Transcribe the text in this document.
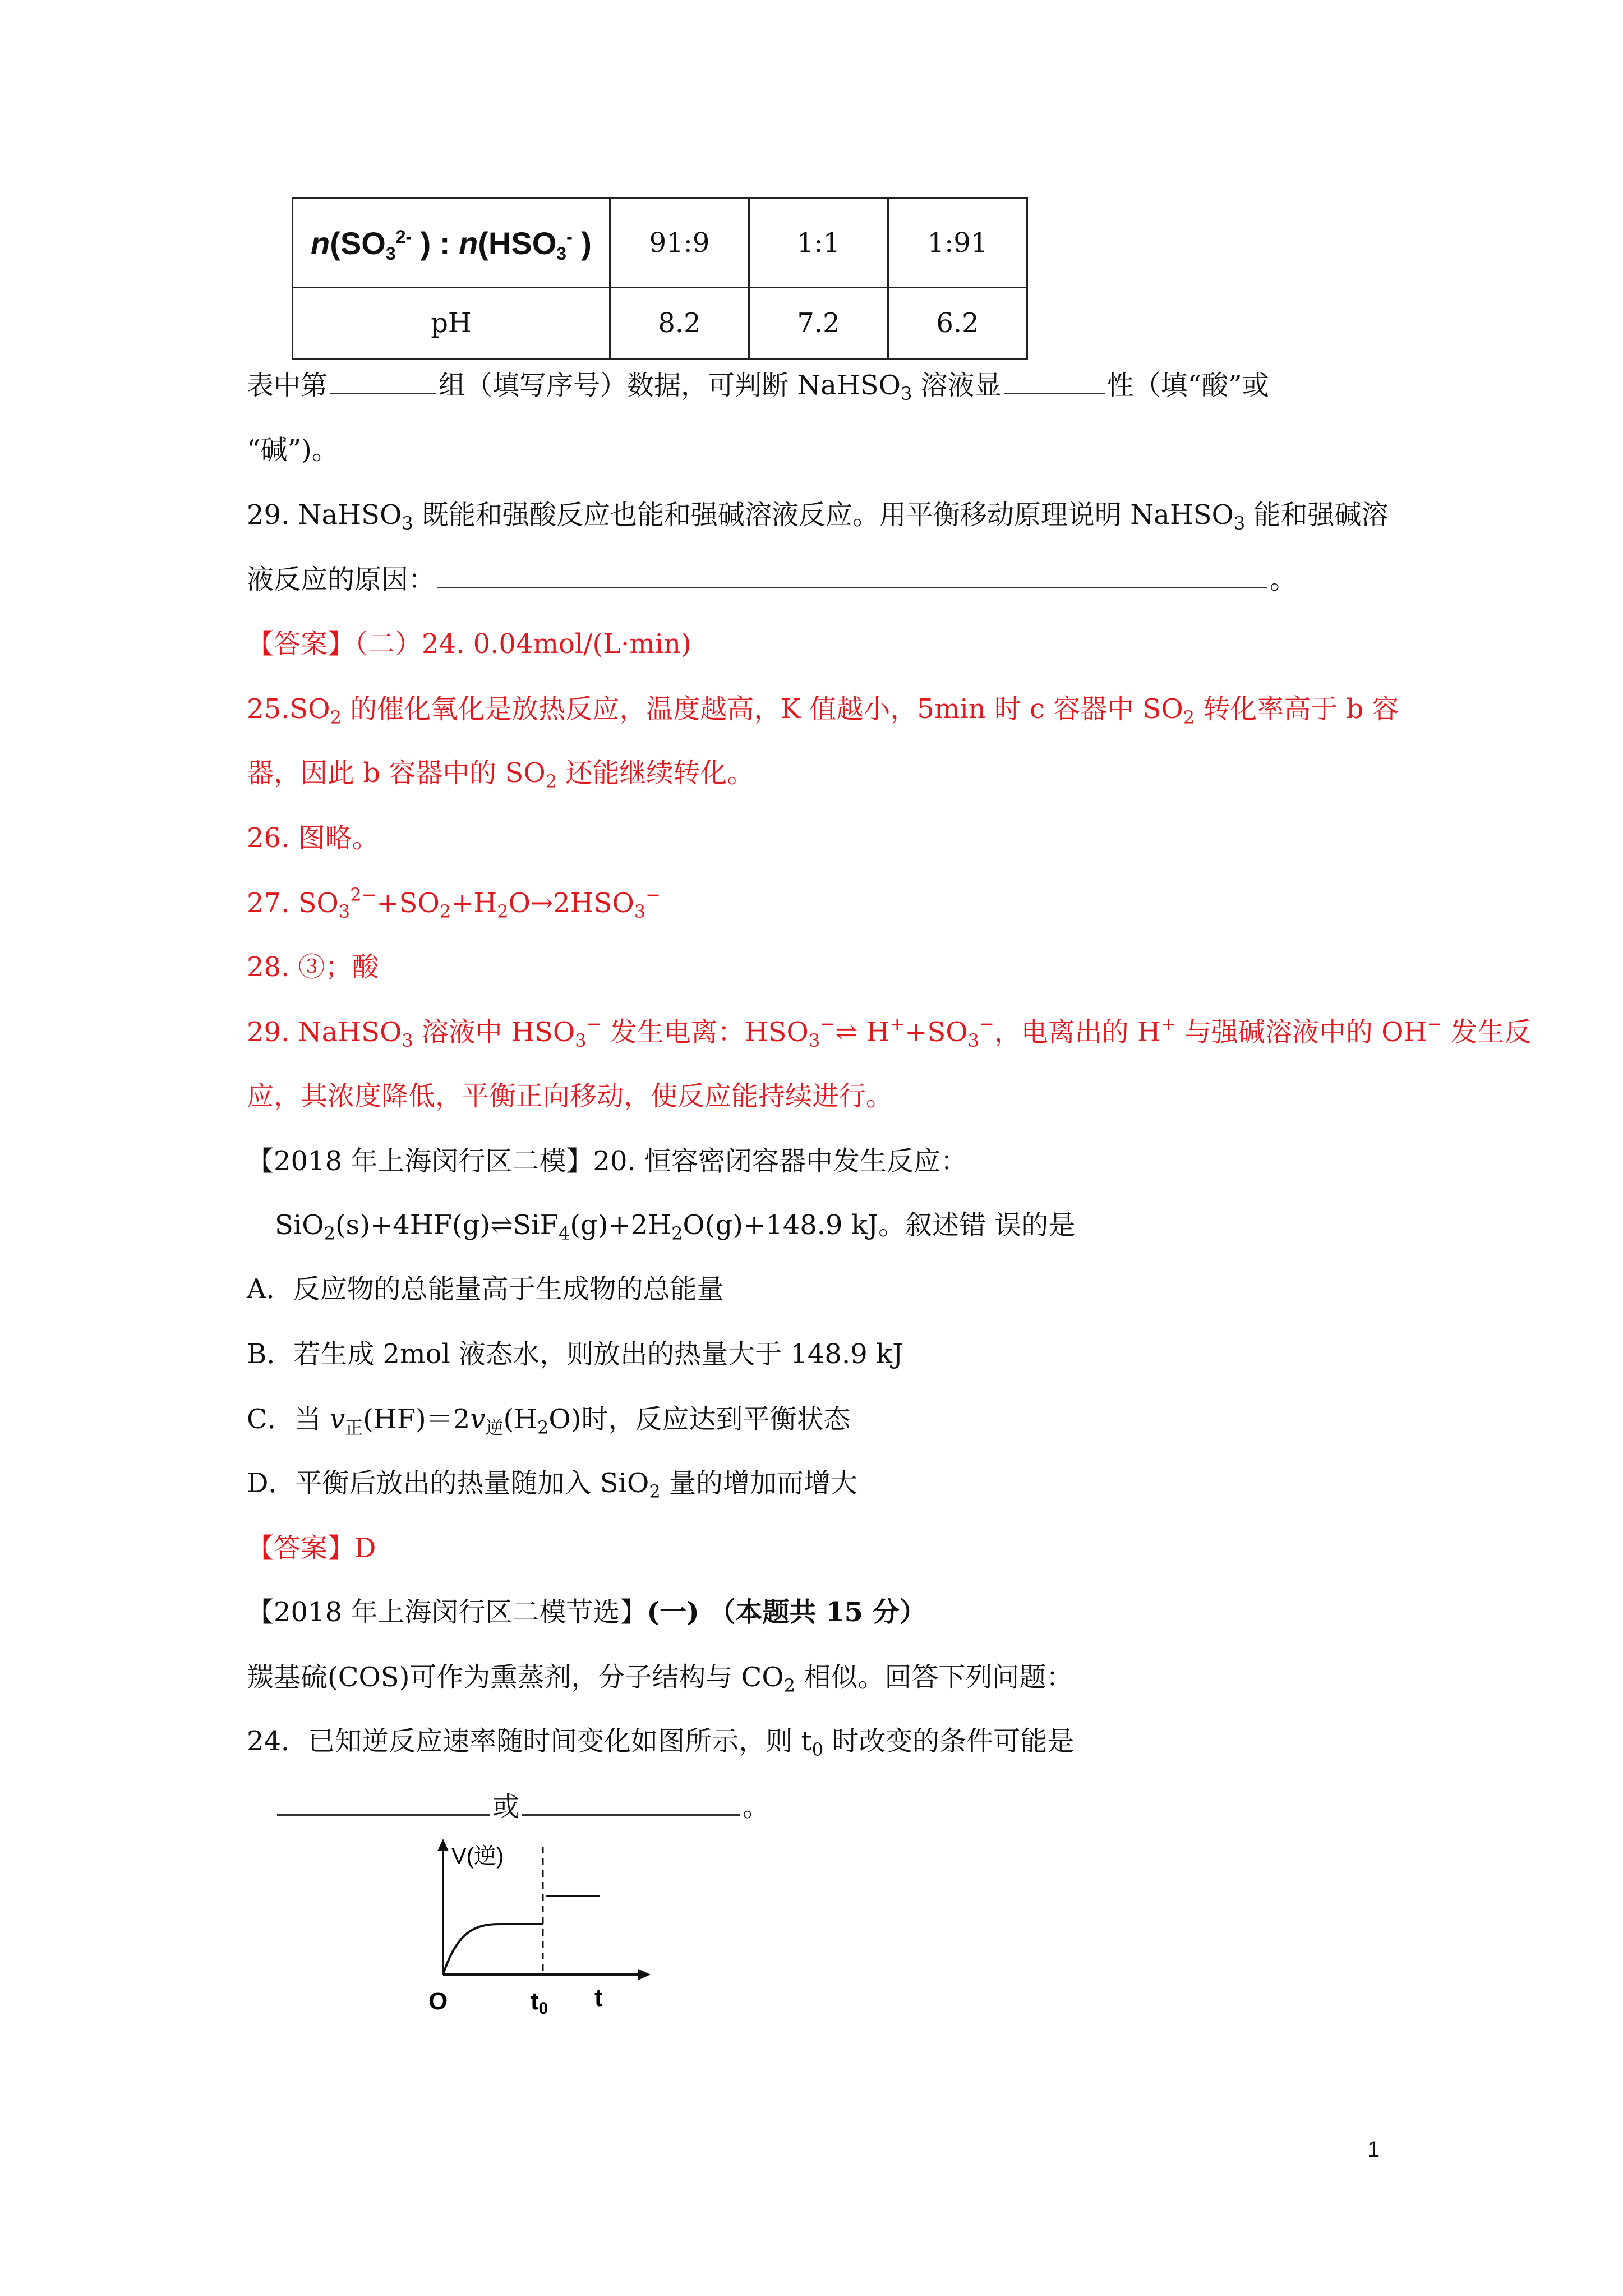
$n(SO_3^{2-}$ ) : $n(HSO_3^-$ )	91:9	1:1	1:91
pH	8.2	7.2	6.2
表中第	组（填写序号）数据，可判断 NaHSO$_3$ 溶液显	性（填“酸”或
“碱”)。
29. NaHSO$_3$ 既能和强酸反应也能和强碱溶液反应。用平衡移动原理说明 NaHSO$_3$ 能和强碱溶
液反应的原因：	。
【答案】（二）24. 0.04mol/(L·min)
$25.SO_2$ 的催化氧化是放热反应，温度越高，K 值越小，5min 时 c 容器中 $SO_2$ 转化率高于 b 容
器，因此 b 容器中的 $SO_2$ 还能继续转化。
26. 图略。
27. $SO_3^{2-}+SO_2+H_2O\to 2HSO_3^-$
28. ③；酸
29. NaHSO$_3$ 溶液中 $HSO_3^-$ 发生电离：$HSO_3^-\rightleftharpoons$ $H^++SO_3^-$，电离出的 H+ 与强碱溶液中的 OH− 发生反
应，其浓度降低，平衡正向移动，使反应能持续进行。
【2018 年上海闵行区二模】20. 恒容密闭容器中发生反应：
$SiO_2(s)+4HF(g)\rightleftharpoons SiF_4(g)+2H_2O(g)+148.9$ kJ。叙述错 误的是
A．反应物的总能量高于生成物的总能量
B．若生成 2mol 液态水，则放出的热量大于 148.9 kJ
C．当 $v_正(HF)=2v_逆(H_2O)$时，反应达到平衡状态
D．平衡后放出的热量随加入 SiO$_2$ 量的增加而增大
【答案】D
【2018 年上海闵行区二模节选】(一) （本题共 15 分）
羰基硫(COS)可作为熏蒸剂，分子结构与 $CO_2$ 相似。回答下列问题：
24．已知逆反应速率随时间变化如图所示，则 $t_0$ 时改变的条件可能是
或	。
V(逆)
O	t0 t
1
